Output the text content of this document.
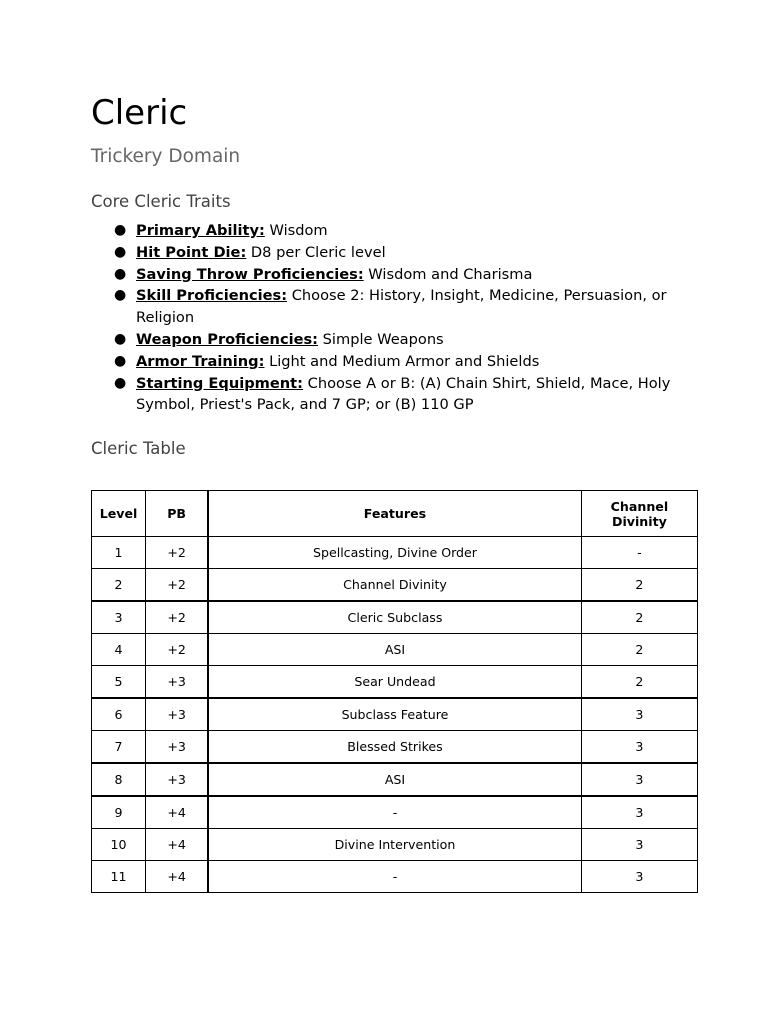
Cleric
Trickery Domain
Core Cleric Traits
● Primary Ability: Wisdom
● Hit Point Die: D8 per Cleric level
● Saving Throw Proficiencies: Wisdom and Charisma
● Skill Proficiencies: Choose 2: History, Insight, Medicine, Persuasion, or Religion
● Weapon Proficiencies: Simple Weapons
● Armor Training: Light and Medium Armor and Shields
● Starting Equipment: Choose A or B: (A) Chain Shirt, Shield, Mace, Holy Symbol, Priest's Pack, and 7 GP; or (B) 110 GP
Cleric Table
Level	PB	Features	Channel Divinity
1	+2	Spellcasting, Divine Order	-
2	+2	Channel Divinity	2
3	+2	Cleric Subclass	2
4	+2	ASI	2
5	+3	Sear Undead	2
6	+3	Subclass Feature	3
7	+3	Blessed Strikes	3
8	+3	ASI	3
9	+4	-	3
10	+4	Divine Intervention	3
11	+4	-	3
